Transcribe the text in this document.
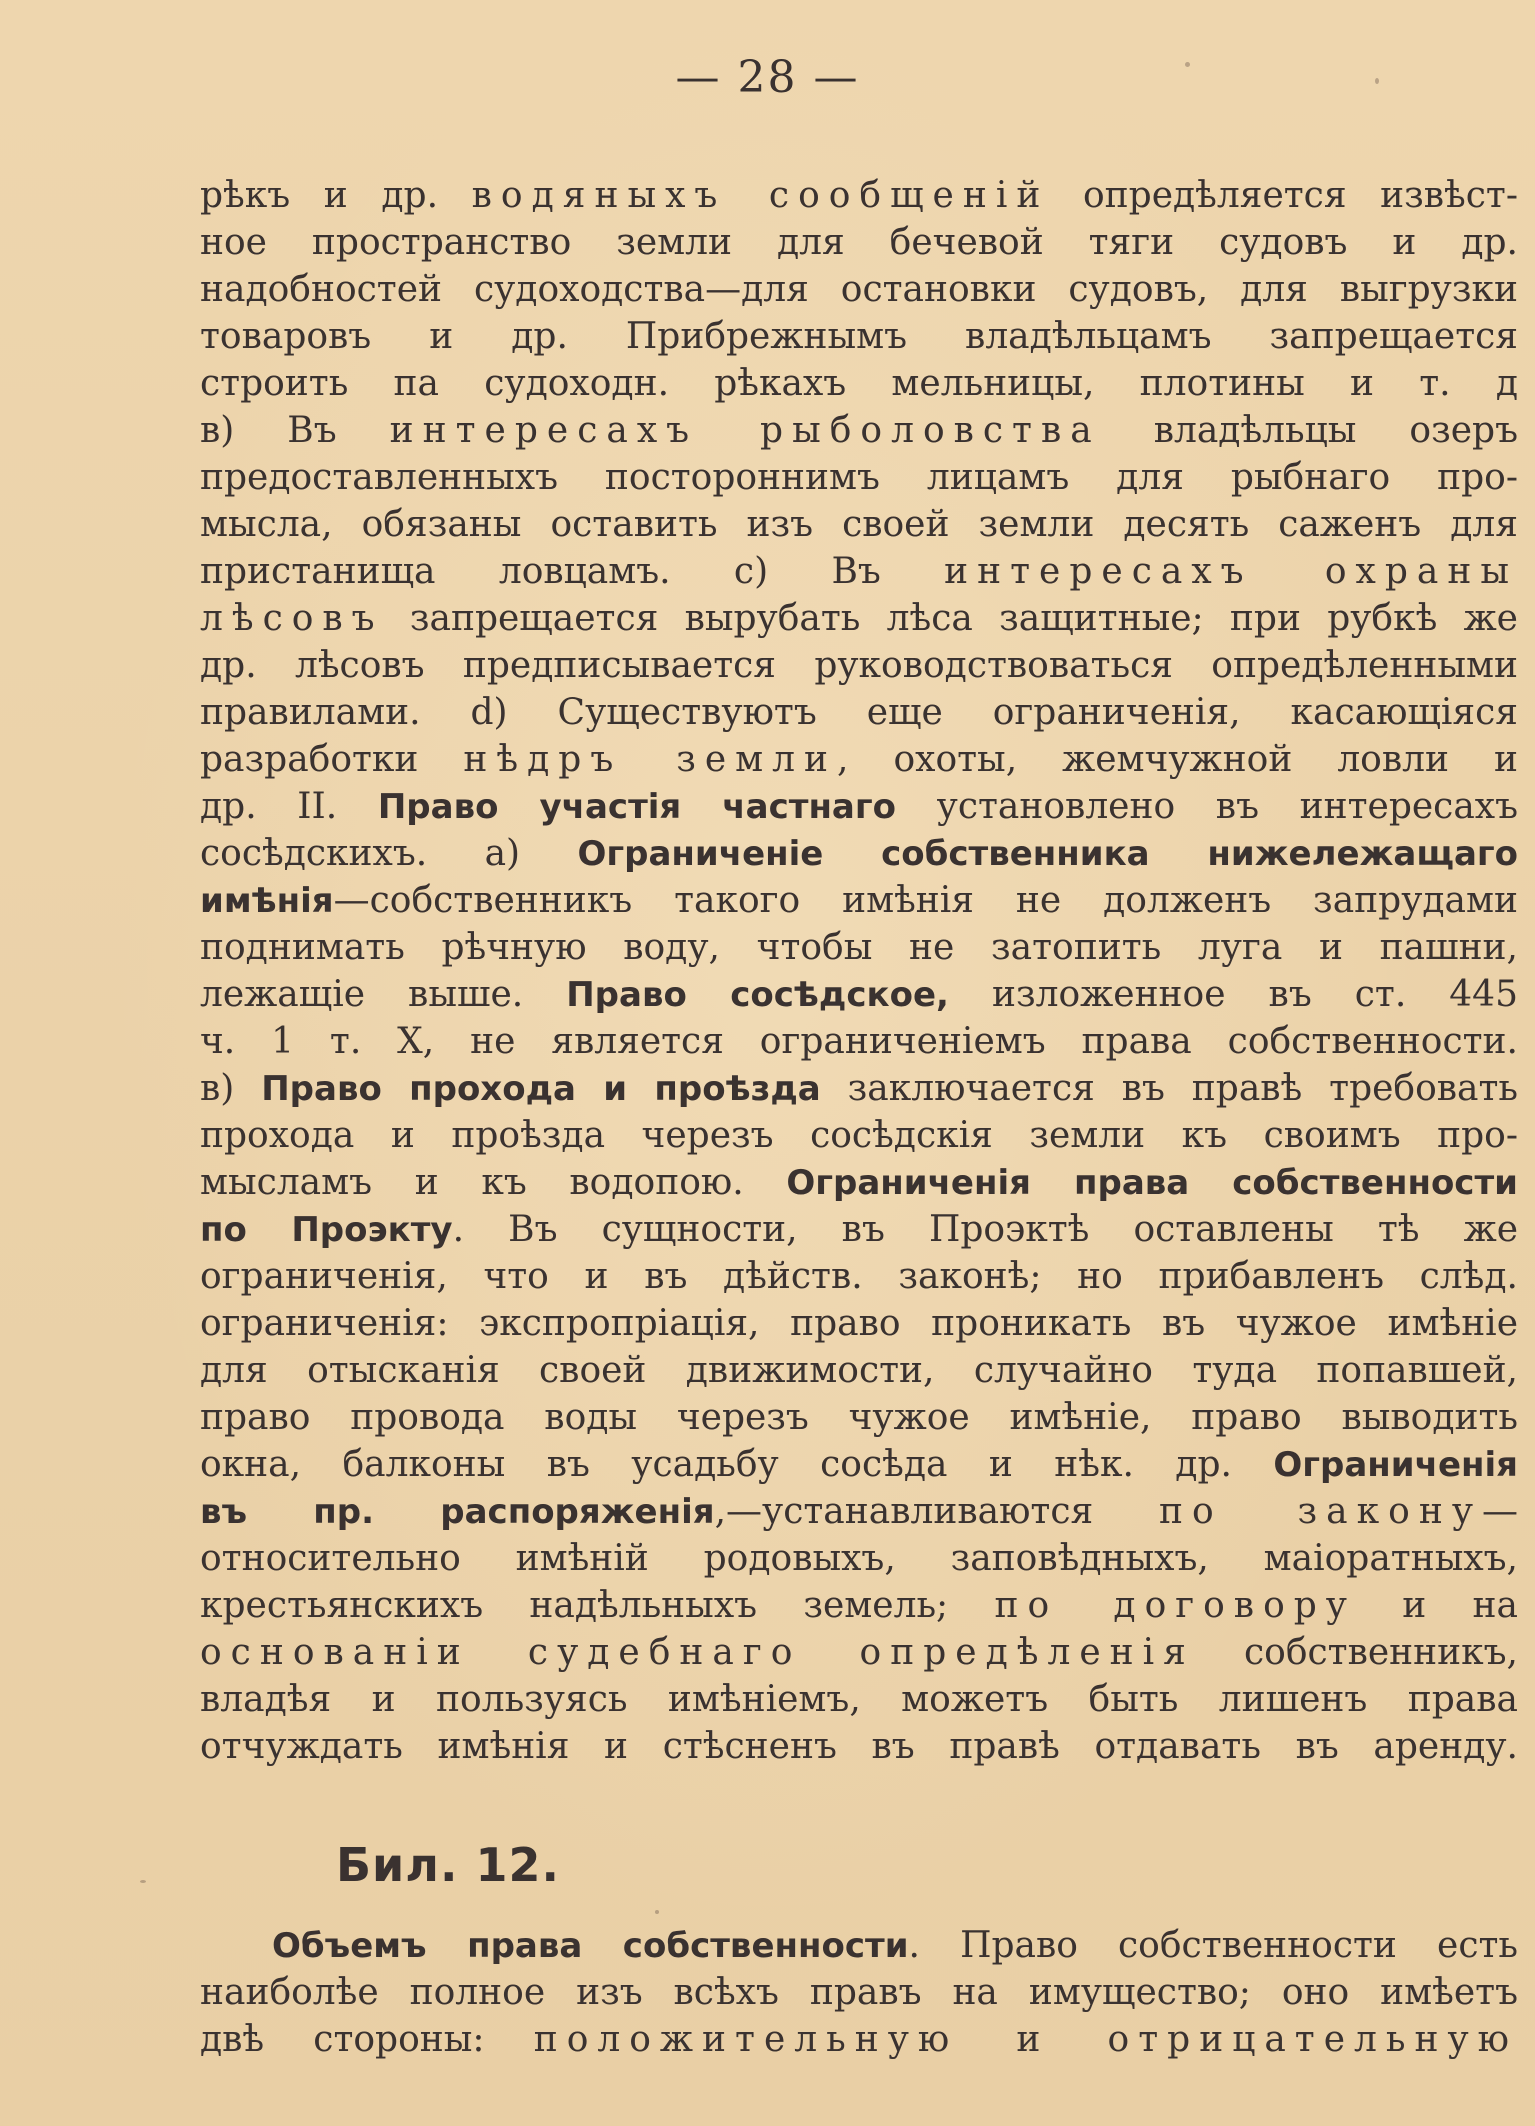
— 28 —
рѣкъ и др. водяныхъ сообщеній опредѣляется извѣст-
ное пространство земли для бечевой тяги судовъ и др.
надобностей судоходства—для остановки судовъ, для выгрузки
товаровъ и др. Прибрежнымъ владѣльцамъ запрещается
строить па судоходн. рѣкахъ мельницы, плотины и т. д
в) Въ интересахъ рыболовства владѣльцы озеръ
предоставленныхъ постороннимъ лицамъ для рыбнаго про-
мысла, обязаны оставить изъ своей земли десять саженъ для
пристанища ловцамъ. с) Въ интересахъ охраны
лѣсовъ запрещается вырубать лѣса защитные; при рубкѣ же
др. лѣсовъ предписывается руководствоваться опредѣленными
правилами. d) Существуютъ еще ограниченія, касающіяся
разработки нѣдръ земли, охоты, жемчужной ловли и
др. II. Право участія частнаго установлено въ интересахъ
сосѣдскихъ. а) Ограниченіе собственника нижележащаго
имѣнія—собственникъ такого имѣнія не долженъ запрудами
поднимать рѣчную воду, чтобы не затопить луга и пашни,
лежащіе выше. Право сосѣдское, изложенное въ ст. 445
ч. 1 т. X, не является ограниченіемъ права собственности.
в) Право прохода и проѣзда заключается въ правѣ требовать
прохода и проѣзда черезъ сосѣдскія земли къ своимъ про-
мысламъ и къ водопою. Ограниченія права собственности
по Проэкту. Въ сущности, въ Проэктѣ оставлены тѣ же
ограниченія, что и въ дѣйств. законѣ; но прибавленъ слѣд.
ограниченія: экспропріація, право проникать въ чужое имѣніе
для отысканія своей движимости, случайно туда попавшей,
право провода воды черезъ чужое имѣніе, право выводить
окна, балконы въ усадьбу сосѣда и нѣк. др. Ограниченія
въ пр. распоряженія,—устанавливаются по закону—
относительно имѣній родовыхъ, заповѣдныхъ, маіоратныхъ,
крестьянскихъ надѣльныхъ земель; по договору и на
основаніи судебнаго опредѣленія собственникъ,
владѣя и пользуясь имѣніемъ, можетъ быть лишенъ права
отчуждать имѣнія и стѣсненъ въ правѣ отдавать въ аренду.
Бил. 12.
Объемъ права собственности. Право собственности есть
наиболѣе полное изъ всѣхъ правъ на имущество; оно имѣетъ
двѣ стороны: положительную и отрицательную
